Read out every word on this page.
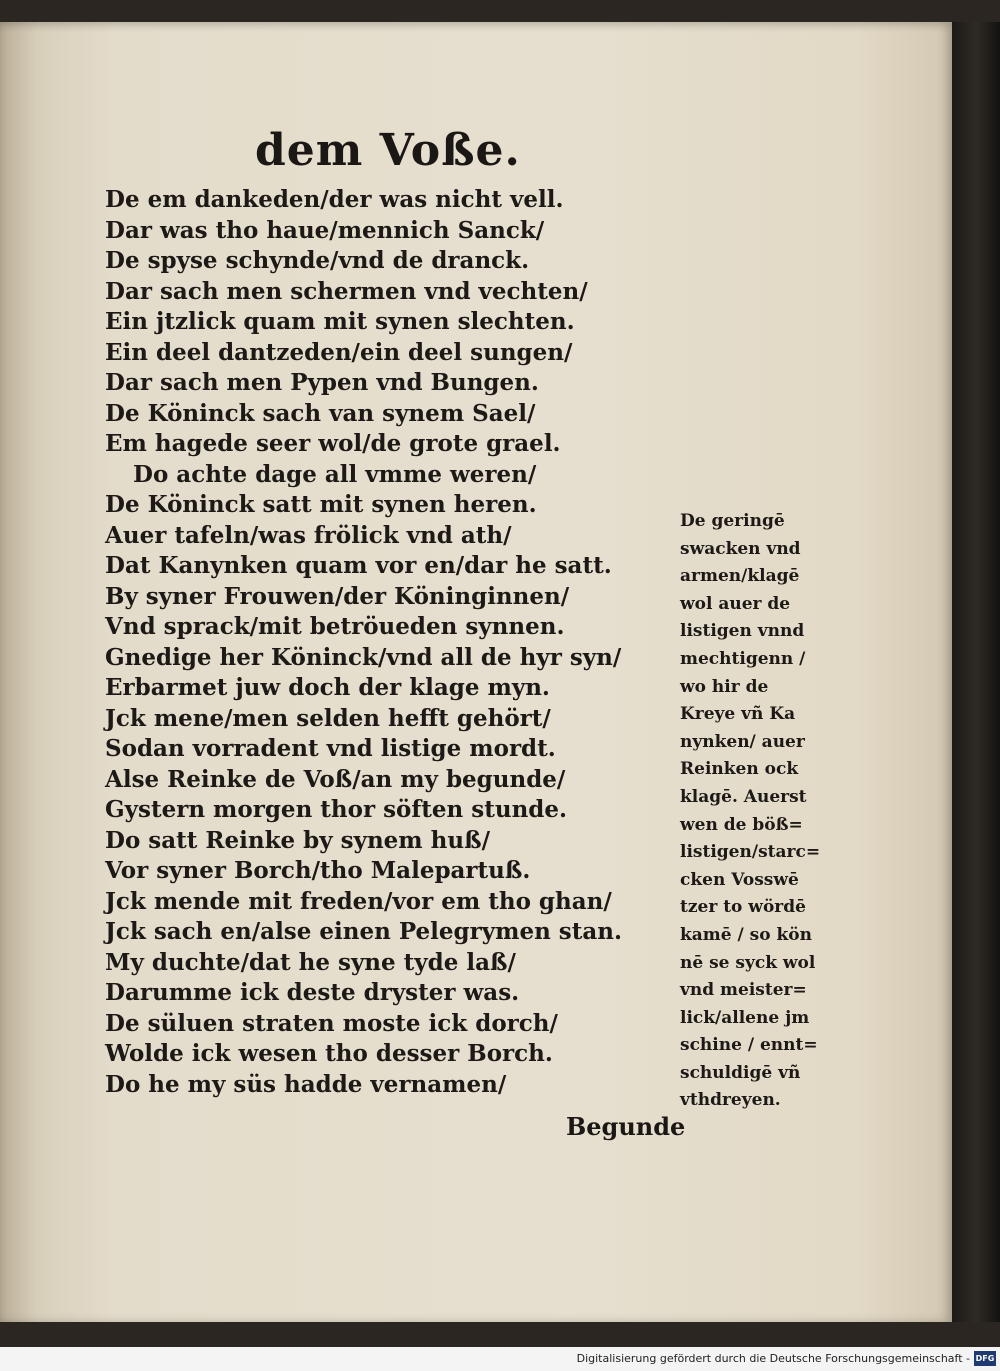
dem Voße.
De em dankeden/der was nicht vell.
Dar was tho haue/mennich Sanck/
De spyse schynde/vnd de dranck.
Dar sach men schermen vnd vechten/
Ein jtzlick quam mit synen slechten.
Ein deel dantzeden/ein deel sungen/
Dar sach men Pypen vnd Bungen.
De Köninck sach van synem Sael/
Em hagede seer wol/de grote grael.
Do achte dage all vmme weren/
De Köninck satt mit synen heren.
Auer tafeln/was frölick vnd ath/
Dat Kanynken quam vor en/dar he satt.
By syner Frouwen/der Köninginnen/
Vnd sprack/mit betröueden synnen.
Gnedige her Köninck/vnd all de hyr syn/
Erbarmet juw doch der klage myn.
Jck mene/men selden hefft gehört/
Sodan vorradent vnd listige mordt.
Alse Reinke de Voß/an my begunde/
Gystern morgen thor söften stunde.
Do satt Reinke by synem huß/
Vor syner Borch/tho Malepartuß.
Jck mende mit freden/vor em tho ghan/
Jck sach en/alse einen Pelegrymen stan.
My duchte/dat he syne tyde laß/
Darumme ick deste dryster was.
De süluen straten moste ick dorch/
Wolde ick wesen tho desser Borch.
Do he my süs hadde vernamen/
De geringē
swacken vnd
armen/klagē
wol auer de
listigen vnnd
mechtigenn /
wo hir de
Kreye vñ Ka
nynken/ auer
Reinken ock
klagē. Auerst
wen de böß=
listigen/starc=
cken Vosswē
tzer to wördē
kamē / so kön
nē se syck wol
vnd meister=
lick/allene jm
schine / ennt=
schuldigē vñ
vthdreyen.
Begunde
Digitalisierung gefördert durch die Deutsche Forschungsgemeinschaft - DFG
